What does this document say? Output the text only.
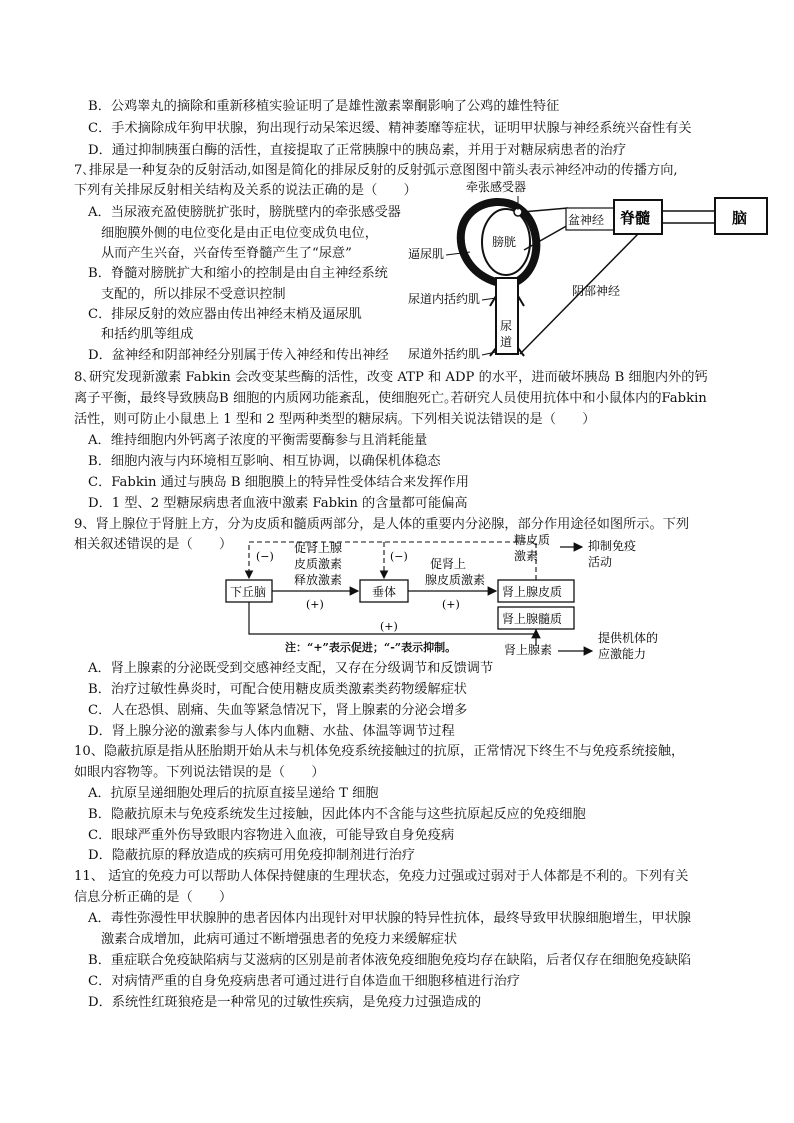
B．公鸡睾丸的摘除和重新移植实验证明了是雄性激素睾酮影响了公鸡的雄性特征
C．手术摘除成年狗甲状腺，狗出现行动呆笨迟缓、精神萎靡等症状，证明甲状腺与神经系统兴奋性有关
D．通过抑制胰蛋白酶的活性，直接提取了正常胰腺中的胰岛素，并用于对糖尿病患者的治疗
7､排尿是一种复杂的反射活动,如图是简化的排尿反射的反射弧示意图图中箭头表示神经冲动的传播方向,
下列有关排尿反射相关结构及关系的说法正确的是（　　）
A．当尿液充盈使膀胱扩张时，膀胱壁内的牵张感受器
细胞膜外侧的电位变化是由正电位变成负电位，
从而产生兴奋，兴奋传至脊髓产生了“尿意”
B．脊髓对膀胱扩大和缩小的控制是由自主神经系统
支配的，所以排尿不受意识控制
C．排尿反射的效应器由传出神经末梢及逼尿肌
和括约肌等组成
D．盆神经和阴部神经分别属于传入神经和传出神经
膀胱
尿
道
牵张感受器
盆神经 脊髓	脑
阴部神经
逼尿肌
尿道内括约肌
尿道外括约肌
8､研究发现新激素 Fabkin 会改变某些酶的活性，改变 ATP 和 ADP 的水平，进而破坏胰岛 B 细胞内外的钙
离子平衡，最终导致胰岛B 细胞的内质网功能紊乱，使细胞死亡｡若研究人员使用抗体中和小鼠体内的Fabkin
活性，则可防止小鼠患上 1 型和 2 型两种类型的糖尿病。下列相关说法错误的是（　　）
A．维持细胞内外钙离子浓度的平衡需要酶参与且消耗能量
B．细胞内液与内环境相互影响、相互协调，以确保机体稳态
C．Fabkin 通过与胰岛 B 细胞膜上的特异性受体结合来发挥作用
D．1 型、2 型糖尿病患者血液中激素 Fabkin 的含量都可能偏高
9、肾上腺位于肾脏上方，分为皮质和髓质两部分，是人体的重要内分泌腺，部分作用途径如图所示。下列
相关叙述错误的是（　　）
下丘脑	垂体	肾上腺皮质
肾上腺髓质
促肾上腺
皮质激素
释放激素
促肾上
腺皮质激素
(+)	(+)
(−)	(−)
糖皮质
激素
抑制免疫
活动
(+)
肾上腺素
提供机体的
应激能力
注：“+”表示促进；“-”表示抑制。
A．肾上腺素的分泌既受到交感神经支配，又存在分级调节和反馈调节
B．治疗过敏性鼻炎时，可配合使用糖皮质类激素类药物缓解症状
C．人在恐惧、剧痛、失血等紧急情况下，肾上腺素的分泌会增多
D．肾上腺分泌的激素参与人体内血糖、水盐、体温等调节过程
10、隐蔽抗原是指从胚胎期开始从未与机体免疫系统接触过的抗原，正常情况下终生不与免疫系统接触，
如眼内容物等。下列说法错误的是（　　）
A．抗原呈递细胞处理后的抗原直接呈递给 T 细胞
B．隐蔽抗原未与免疫系统发生过接触，因此体内不含能与这些抗原起反应的免疫细胞
C．眼球严重外伤导致眼内容物进入血液，可能导致自身免疫病
D．隐蔽抗原的释放造成的疾病可用免疫抑制剂进行治疗
11、 适宜的免疫力可以帮助人体保持健康的生理状态，免疫力过强或过弱对于人体都是不利的。下列有关
信息分析正确的是（　　）
A．毒性弥漫性甲状腺肿的患者因体内出现针对甲状腺的特异性抗体，最终导致甲状腺细胞增生，甲状腺
激素合成增加，此病可通过不断增强患者的免疫力来缓解症状
B．重症联合免疫缺陷病与艾滋病的区别是前者体液免疫细胞免疫均存在缺陷，后者仅存在细胞免疫缺陷
C．对病情严重的自身免疫病患者可通过进行自体造血干细胞移植进行治疗
D．系统性红斑狼疮是一种常见的过敏性疾病，是免疫力过强造成的
